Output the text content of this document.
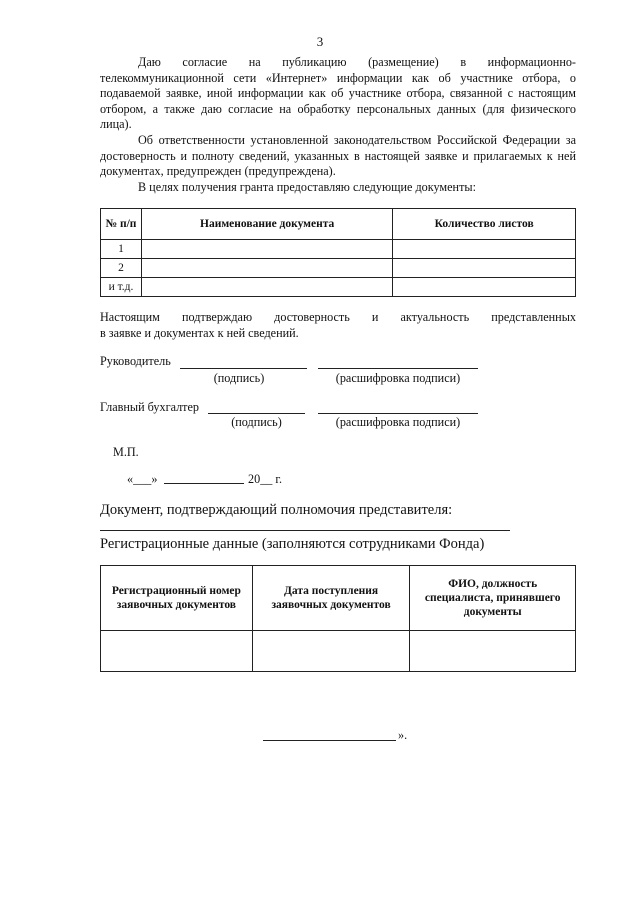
3
Даю согласие на публикацию (размещение) в информационно-
телекоммуникационной сети «Интернет» информации как об участнике отбора, о подаваемой заявке, иной информации как об участнике отбора, связанной с настоящим отбором, а также даю согласие на обработку персональных данных (для физического лица).
Об ответственности установленной законодательством Российской Федерации за достоверность и полноту сведений, указанных в настоящей заявке и прилагаемых к ней документах, предупрежден (предупреждена).
В целях получения гранта предоставляю следующие документы:
№ п/п	Наименование документа	Количество листов
1		
2		
и т.д.		
Настоящим подтверждаю достоверность и актуальность представленных
в заявке и документах к ней сведений.
Руководитель
(подпись)	(расшифровка подписи)
Главный бухгалтер
(подпись)	(расшифровка подписи)
М.П.
«___»	20__ г.
Документ, подтверждающий полномочия представителя:
Регистрационные данные (заполняются сотрудниками Фонда)
Регистрационный номер заявочных документов	Дата поступления заявочных документов	ФИО, должность специалиста, принявшего документы

».
